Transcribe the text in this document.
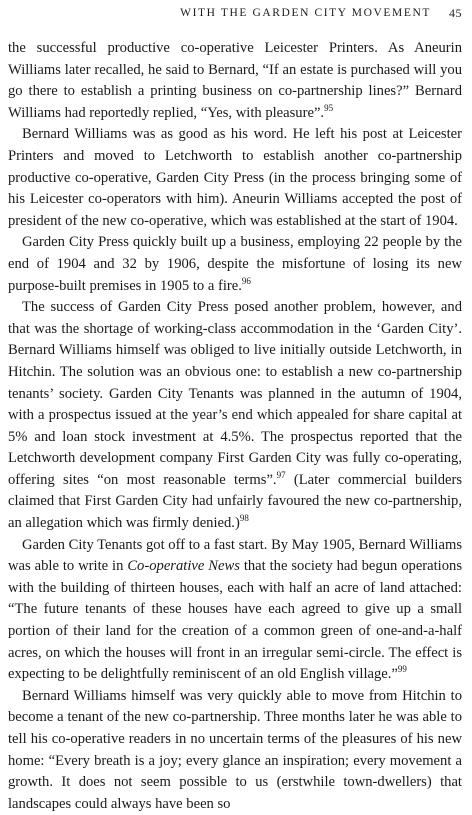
WITH THE GARDEN CITY MOVEMENT 45

the successful productive co-operative Leicester Printers. As Aneurin Williams later recalled, he said to Bernard, “If an estate is purchased will you go there to establish a printing business on co-partnership lines?” Bernard Williams had reportedly replied, “Yes, with pleasure”.$^{95}$

Bernard Williams was as good as his word. He left his post at Leicester Printers and moved to Letchworth to establish another co-partnership productive co-operative, Garden City Press (in the process bringing some of his Leicester co-operators with him). Aneurin Williams accepted the post of president of the new co-operative, which was established at the start of 1904.

Garden City Press quickly built up a business, employing 22 people by the end of 1904 and 32 by 1906, despite the misfortune of losing its new purpose-built premises in 1905 to a fire.$^{96}$

The success of Garden City Press posed another problem, however, and that was the shortage of working-class accommodation in the ‘Garden City’. Bernard Williams himself was obliged to live initially outside Letchworth, in Hitchin. The solution was an obvious one: to establish a new co-partnership tenants’ society. Garden City Tenants was planned in the autumn of 1904, with a prospectus issued at the year’s end which appealed for share capital at 5% and loan stock investment at 4.5%. The prospectus reported that the Letchworth development company First Garden City was fully co-operating, offering sites “on most reasonable terms”.$^{97}$ (Later commercial builders claimed that First Garden City had unfairly favoured the new co-partnership, an allegation which was firmly denied.)$^{98}$

Garden City Tenants got off to a fast start. By May 1905, Bernard Williams was able to write in Co-operative News that the society had begun operations with the building of thirteen houses, each with half an acre of land attached: “The future tenants of these houses have each agreed to give up a small portion of their land for the creation of a common green of one-and-a-half acres, on which the houses will front in an irregular semi-circle. The effect is expecting to be delightfully reminiscent of an old English village.”$^{99}$

Bernard Williams himself was very quickly able to move from Hitchin to become a tenant of the new co-partnership. Three months later he was able to tell his co-operative readers in no uncertain terms of the pleasures of his new home: “Every breath is a joy; every glance an inspiration; every movement a growth. It does not seem possible to us (erstwhile town-dwellers) that landscapes could always have been so
